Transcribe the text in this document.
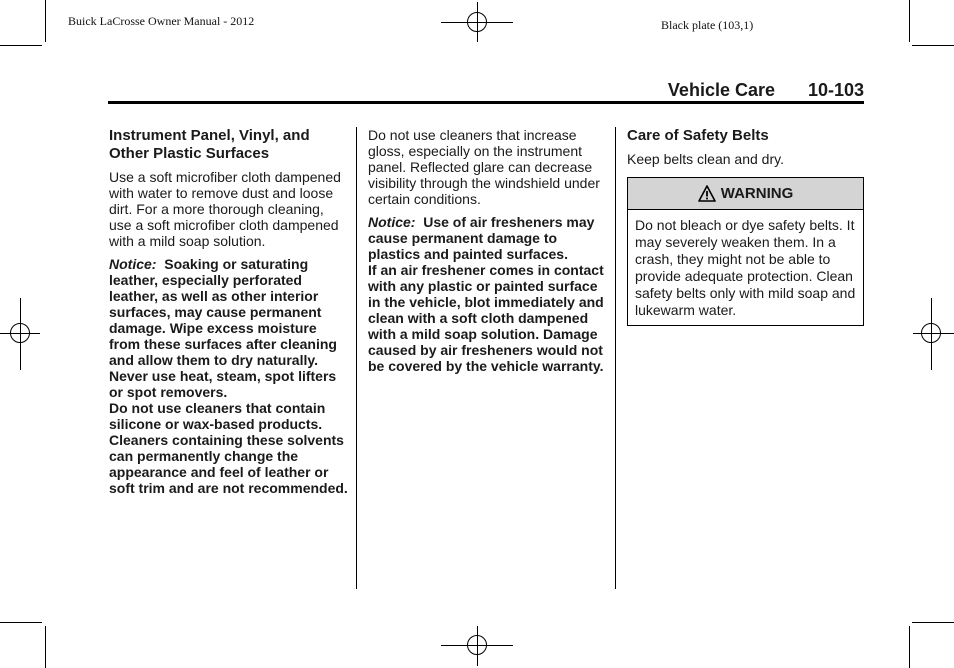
Buick LaCrosse Owner Manual - 2012	Black plate (103,1)
Vehicle Care 10-103
Instrument Panel, Vinyl, and Other Plastic Surfaces

Use a soft microfiber cloth dampened with water to remove dust and loose dirt. For a more thorough cleaning, use a soft microfiber cloth dampened with a mild soap solution.

Notice: Soaking or saturating leather, especially perforated leather, as well as other interior surfaces, may cause permanent damage. Wipe excess moisture from these surfaces after cleaning and allow them to dry naturally. Never use heat, steam, spot lifters or spot removers.
Do not use cleaners that contain silicone or wax-based products. Cleaners containing these solvents can permanently change the appearance and feel of leather or soft trim and are not recommended.

Do not use cleaners that increase gloss, especially on the instrument panel. Reflected glare can decrease visibility through the windshield under certain conditions.

Notice: Use of air fresheners may cause permanent damage to plastics and painted surfaces.
If an air freshener comes in contact with any plastic or painted surface in the vehicle, blot immediately and clean with a soft cloth dampened with a mild soap solution. Damage caused by air fresheners would not be covered by the vehicle warranty.

Care of Safety Belts

Keep belts clean and dry.

WARNING
Do not bleach or dye safety belts. It may severely weaken them. In a crash, they might not be able to provide adequate protection. Clean safety belts only with mild soap and lukewarm water.
